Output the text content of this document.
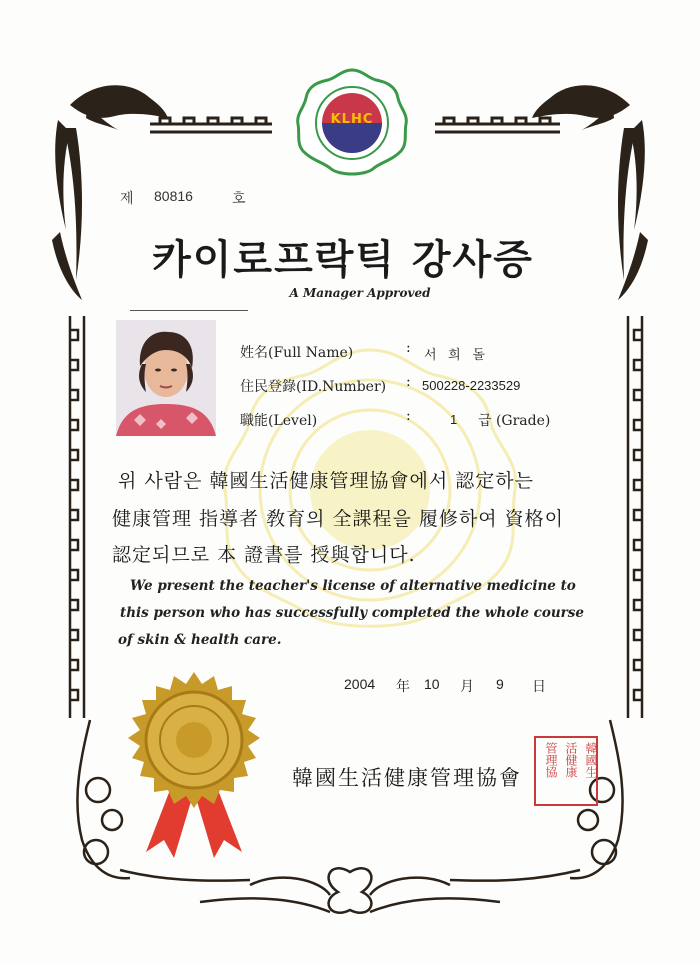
KLHC
제 80816	호
카이로프락틱 강사증
A Manager Approved
姓名(Full Name)	: 서 희 돌
住民登錄(ID.Number) : 500228-2233529
職能(Level)	:	1 급 (Grade)
위 사람은 韓國生活健康管理協會에서 認定하는
健康管理 指導者 敎育의 全課程을 履修하여 資格이
認定되므로 本 證書를 授與합니다.
We present the teacher's license of alternative medicine to
this person who has successfully completed the whole course
of skin & health care.
2004 年 10 月 9 日
韓國生活健康管理協會	韓國生
活健康
管理協
